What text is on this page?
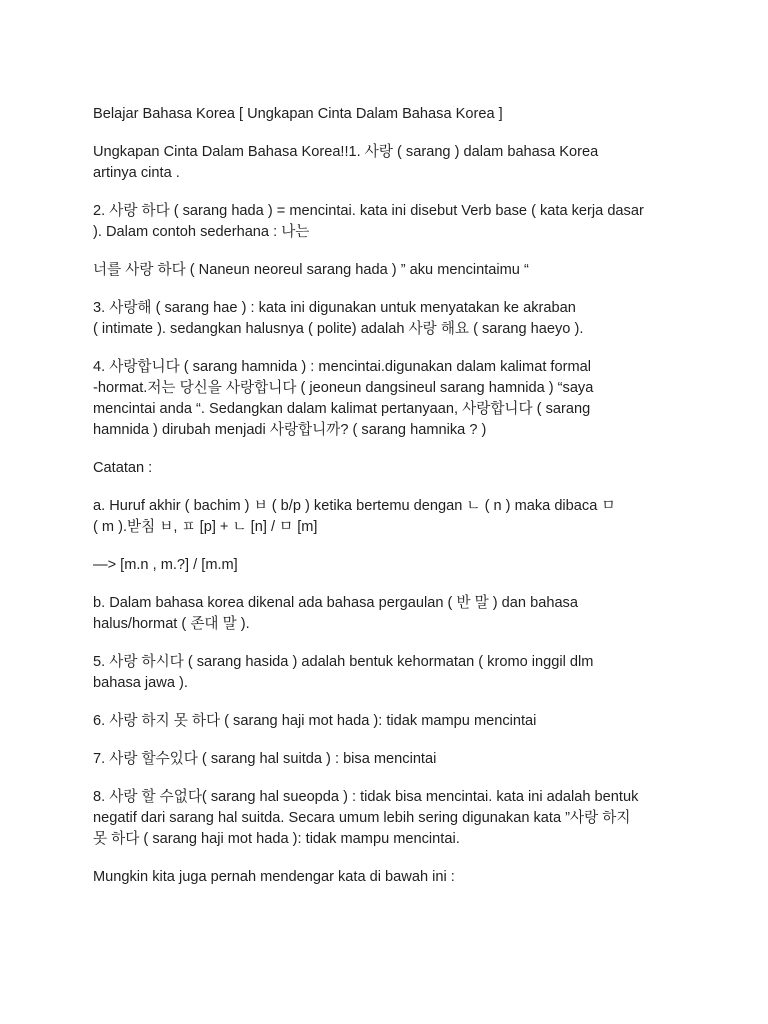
Belajar Bahasa Korea [ Ungkapan Cinta Dalam Bahasa Korea ]

Ungkapan Cinta Dalam Bahasa Korea!!1. 사랑 ( sarang ) dalam bahasa Korea
artinya cinta .

2. 사랑 하다 ( sarang hada ) = mencintai. kata ini disebut Verb base ( kata kerja dasar
). Dalam contoh sederhana : 나는

너를 사랑 하다 ( Naneun neoreul sarang hada ) ” aku mencintaimu “

3. 사랑해 ( sarang hae ) : kata ini digunakan untuk menyatakan ke akraban
( intimate ). sedangkan halusnya ( polite) adalah 사랑 해요 ( sarang haeyo ).

4. 사랑합니다 ( sarang hamnida ) : mencintai.digunakan dalam kalimat formal
-hormat.저는 당신을 사랑합니다 ( jeoneun dangsineul sarang hamnida ) “saya
mencintai anda “. Sedangkan dalam kalimat pertanyaan, 사랑합니다 ( sarang
hamnida ) dirubah menjadi 사랑합니까? ( sarang hamnika ? )

Catatan :

a. Huruf akhir ( bachim ) ㅂ ( b/p ) ketika bertemu dengan ㄴ ( n ) maka dibaca ㅁ
( m ).받침 ㅂ, ㅍ [p] + ㄴ [n] / ㅁ [m]

—> [m.n , m.?] / [m.m]

b. Dalam bahasa korea dikenal ada bahasa pergaulan ( 반 말 ) dan bahasa
halus/hormat ( 존대 말 ).

5. 사랑 하시다 ( sarang hasida ) adalah bentuk kehormatan ( kromo inggil dlm
bahasa jawa ).

6. 사랑 하지 못 하다 ( sarang haji mot hada ): tidak mampu mencintai

7. 사랑 할수있다 ( sarang hal suitda ) : bisa mencintai

8. 사랑 할 수없다( sarang hal sueopda ) : tidak bisa mencintai. kata ini adalah bentuk
negatif dari sarang hal suitda. Secara umum lebih sering digunakan kata ”사랑 하지
못 하다 ( sarang haji mot hada ): tidak mampu mencintai.

Mungkin kita juga pernah mendengar kata di bawah ini :
